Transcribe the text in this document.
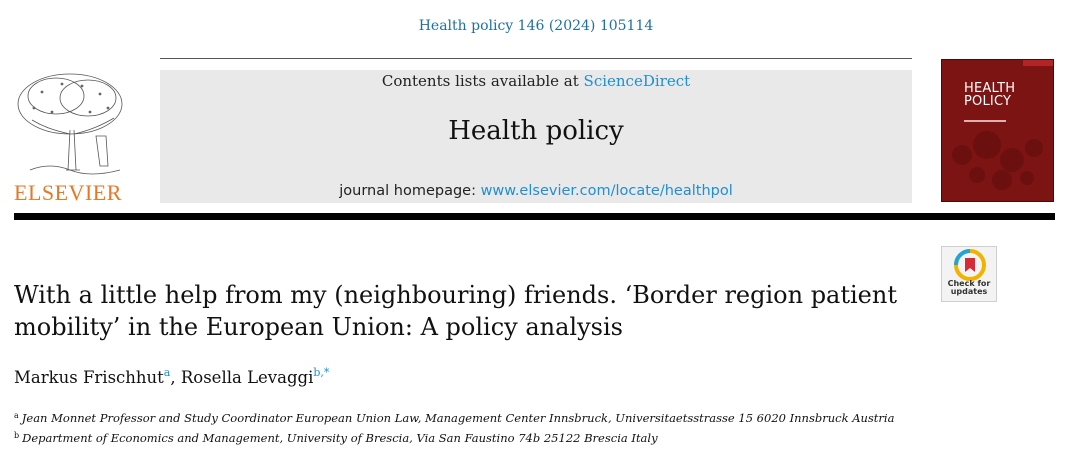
Health policy 146 (2024) 105114
ELSEVIER
Contents lists available at ScienceDirect
Health policy
journal homepage: www.elsevier.com/locate/healthpol
HEALTH
POLICY
Check for
updates
With a little help from my (neighbouring) friends. ‘Border region patient
mobility’ in the European Union: A policy analysis
Markus Frischhut$^a$, Rosella Levaggi$^{b,*}$
$^a$ Jean Monnet Professor and Study Coordinator European Union Law, Management Center Innsbruck, Universitaetsstrasse 15 6020 Innsbruck Austria
$^b$ Department of Economics and Management, University of Brescia, Via San Faustino 74b 25122 Brescia Italy
